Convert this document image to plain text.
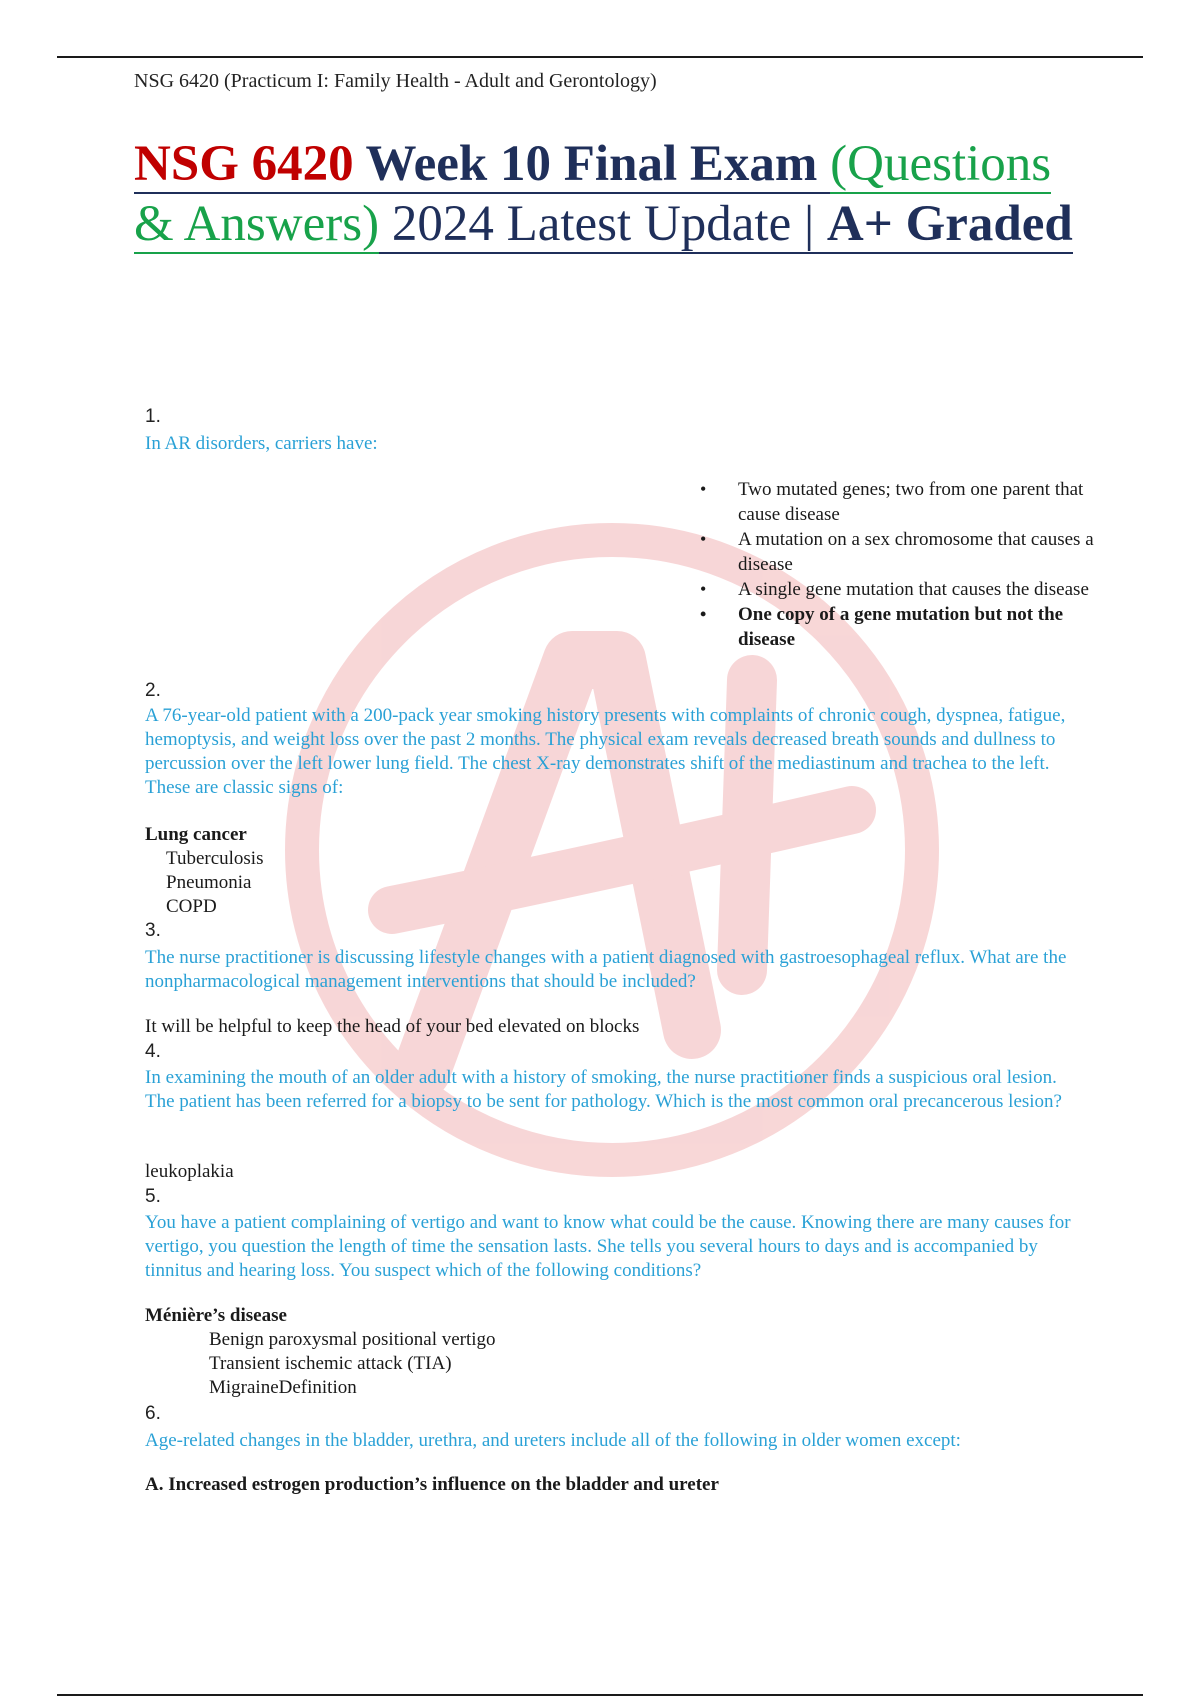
NSG 6420 (Practicum I: Family Health - Adult and Gerontology)
NSG 6420 Week 10 Final Exam (Questions & Answers) 2024 Latest Update | A+ Graded
1.
In AR disorders, carriers have:
• Two mutated genes; two from one parent that cause disease
• A mutation on a sex chromosome that causes a disease
• A single gene mutation that causes the disease
• One copy of a gene mutation but not the disease
2.
A 76-year-old patient with a 200-pack year smoking history presents with complaints of chronic cough, dyspnea, fatigue, hemoptysis, and weight loss over the past 2 months. The physical exam reveals decreased breath sounds and dullness to percussion over the left lower lung field. The chest X-ray demonstrates shift of the mediastinum and trachea to the left. These are classic signs of:
Lung cancer
Tuberculosis
Pneumonia
COPD
3.
The nurse practitioner is discussing lifestyle changes with a patient diagnosed with gastroesophageal reflux. What are the nonpharmacological management interventions that should be included?
It will be helpful to keep the head of your bed elevated on blocks
4.
In examining the mouth of an older adult with a history of smoking, the nurse practitioner finds a suspicious oral lesion. The patient has been referred for a biopsy to be sent for pathology. Which is the most common oral precancerous lesion?
leukoplakia
5.
You have a patient complaining of vertigo and want to know what could be the cause. Knowing there are many causes for vertigo, you question the length of time the sensation lasts. She tells you several hours to days and is accompanied by tinnitus and hearing loss. You suspect which of the following conditions?
Ménière’s disease
Benign paroxysmal positional vertigo
Transient ischemic attack (TIA)
MigraineDefinition
6.
Age-related changes in the bladder, urethra, and ureters include all of the following in older women except:
A. Increased estrogen production’s influence on the bladder and ureter
